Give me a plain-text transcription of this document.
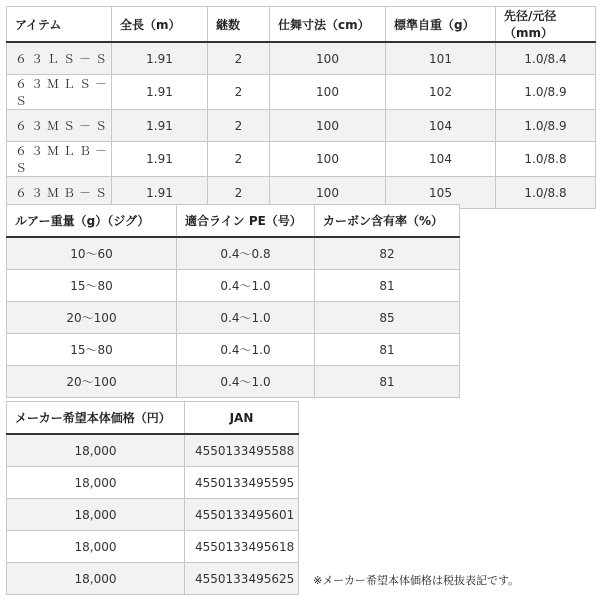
アイテム	全長（m）	継数	仕舞寸法（cm）	標準自重（g）	先径/元径（mm）
６３ＬＳ－Ｓ	1.91	2	100	101	1.0/8.4
６３ＭＬＳ－Ｓ	1.91	2	100	102	1.0/8.9
６３ＭＳ－Ｓ	1.91	2	100	104	1.0/8.9
６３ＭＬＢ－Ｓ	1.91	2	100	104	1.0/8.8
６３ＭＢ－Ｓ	1.91	2	100	105	1.0/8.8
ルアー重量（g）（ジグ）	適合ライン PE（号）	カーボン含有率（%）
10～60	0.4～0.8	82
15～80	0.4～1.0	81
20～100	0.4～1.0	85
15～80	0.4～1.0	81
20～100	0.4～1.0	81
メーカー希望本体価格（円）	JAN
18,000	4550133495588
18,000	4550133495595
18,000	4550133495601
18,000	4550133495618
18,000	4550133495625 ※メーカー希望本体価格は税抜表記です。
